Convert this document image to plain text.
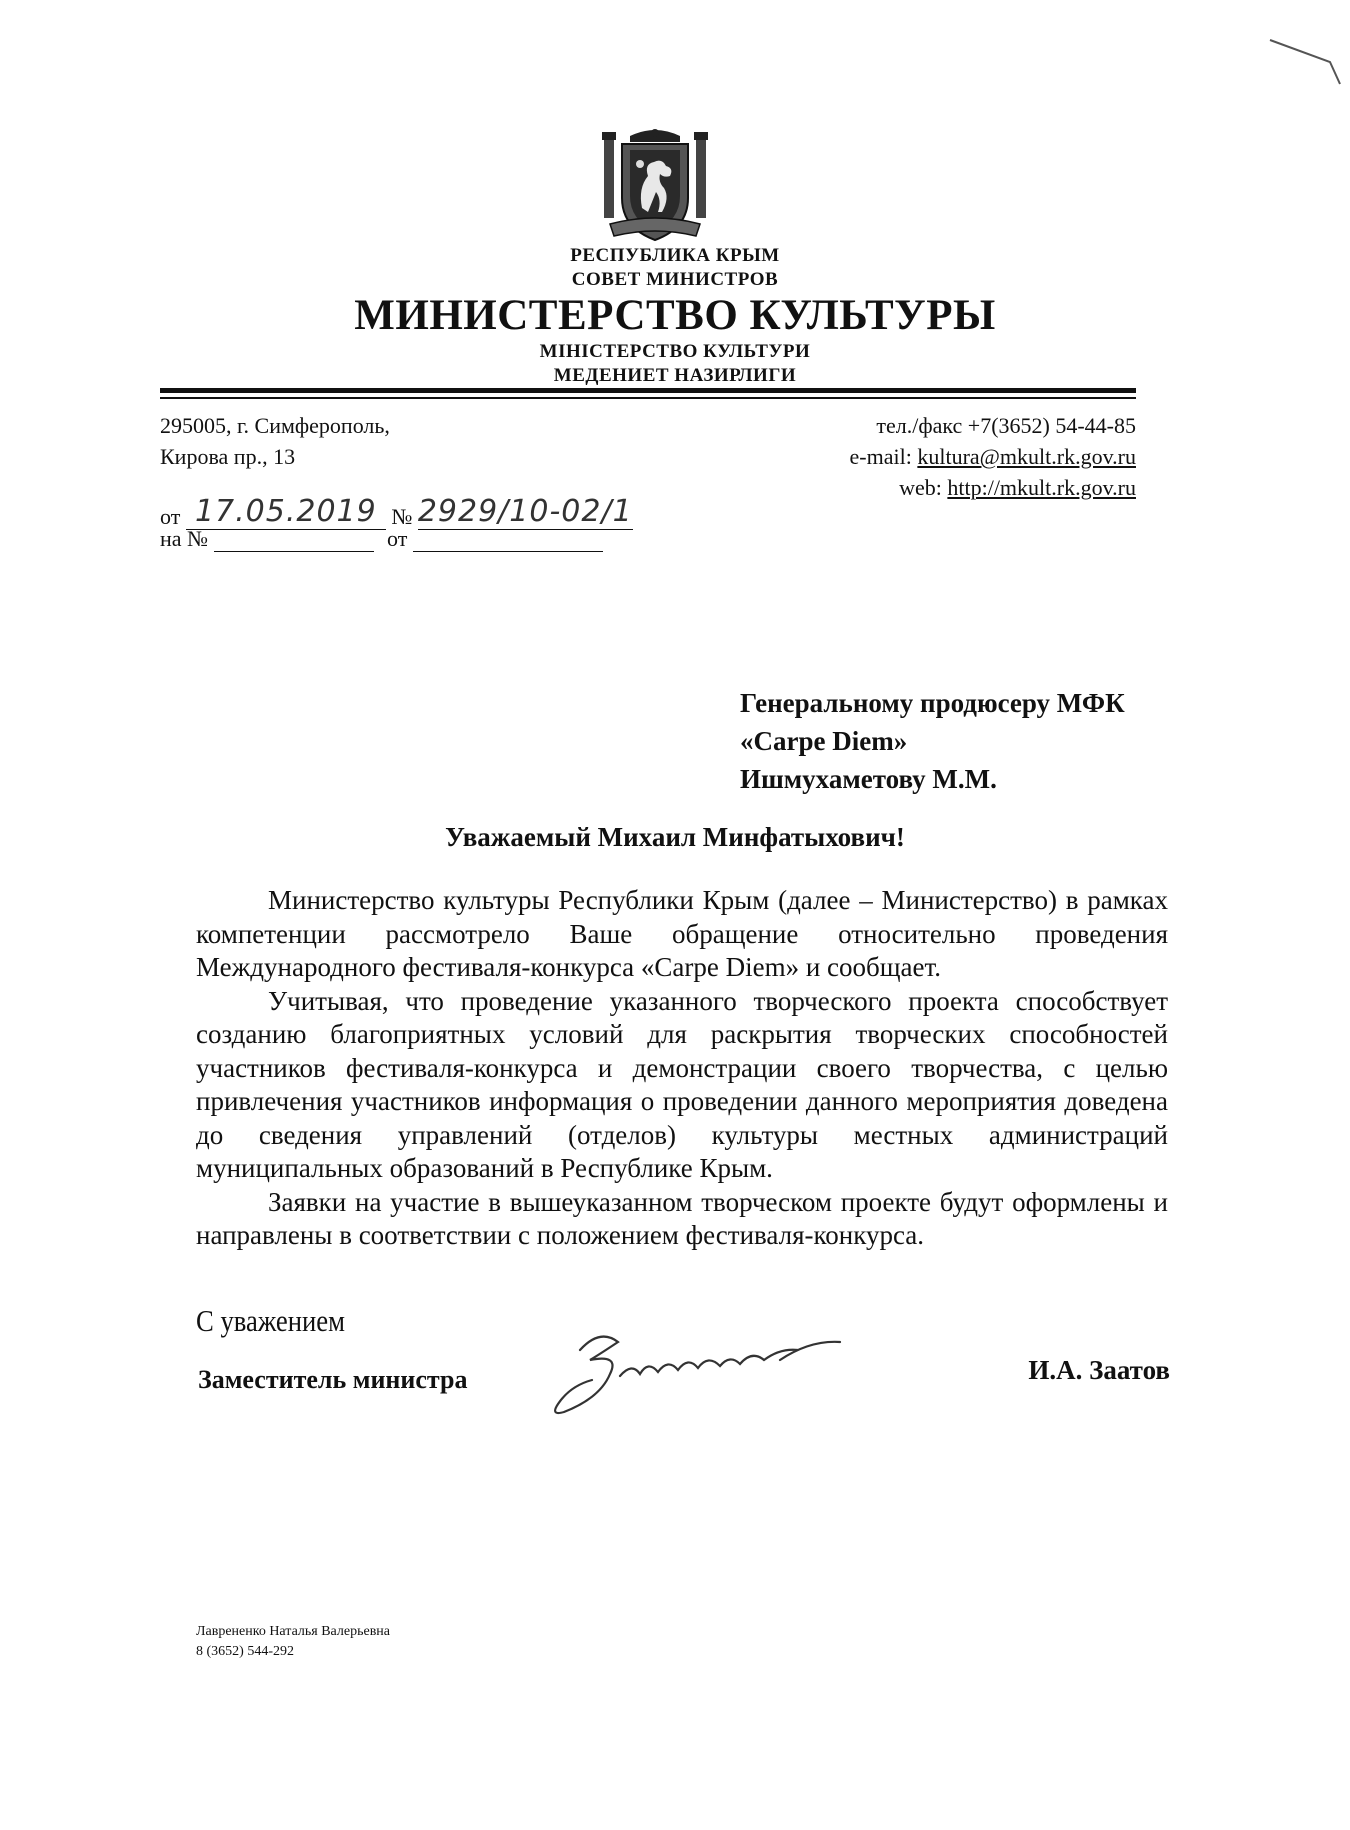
РЕСПУБЛИКА КРЫМ
СОВЕТ МИНИСТРОВ
МИНИСТЕРСТВО КУЛЬТУРЫ
МІНІСТЕРСТВО КУЛЬТУРИ
МЕДЕНИЕТ НАЗИРЛИГИ
295005, г. Симферополь,
Кирова пр., 13
тел./факс +7(3652) 54-44-85
e-mail: kultura@mkult.rk.gov.ru
web: http://mkult.rk.gov.ru
от 17.05.2019 № 2929/10-02/1
на №	от
Генеральному продюсеру МФК
«Carpe Diem»
Ишмухаметову М.М.
Уважаемый Михаил Минфатыхович!

Министерство культуры Республики Крым (далее – Министерство) в рамках компетенции рассмотрело Ваше обращение относительно проведения Международного фестиваля-конкурса «Carpe Diem» и сообщает.

Учитывая, что проведение указанного творческого проекта способствует созданию благоприятных условий для раскрытия творческих способностей участников фестиваля-конкурса и демонстрации своего творчества, с целью привлечения участников информация о проведении данного мероприятия доведена до сведения управлений (отделов) культуры местных администраций муниципальных образований в Республике Крым.

Заявки на участие в вышеуказанном творческом проекте будут оформлены и направлены в соответствии с положением фестиваля-конкурса.

С уважением
Заместитель министра	И.А. Заатов
Лаврененко Наталья Валерьевна
8 (3652) 544-292
